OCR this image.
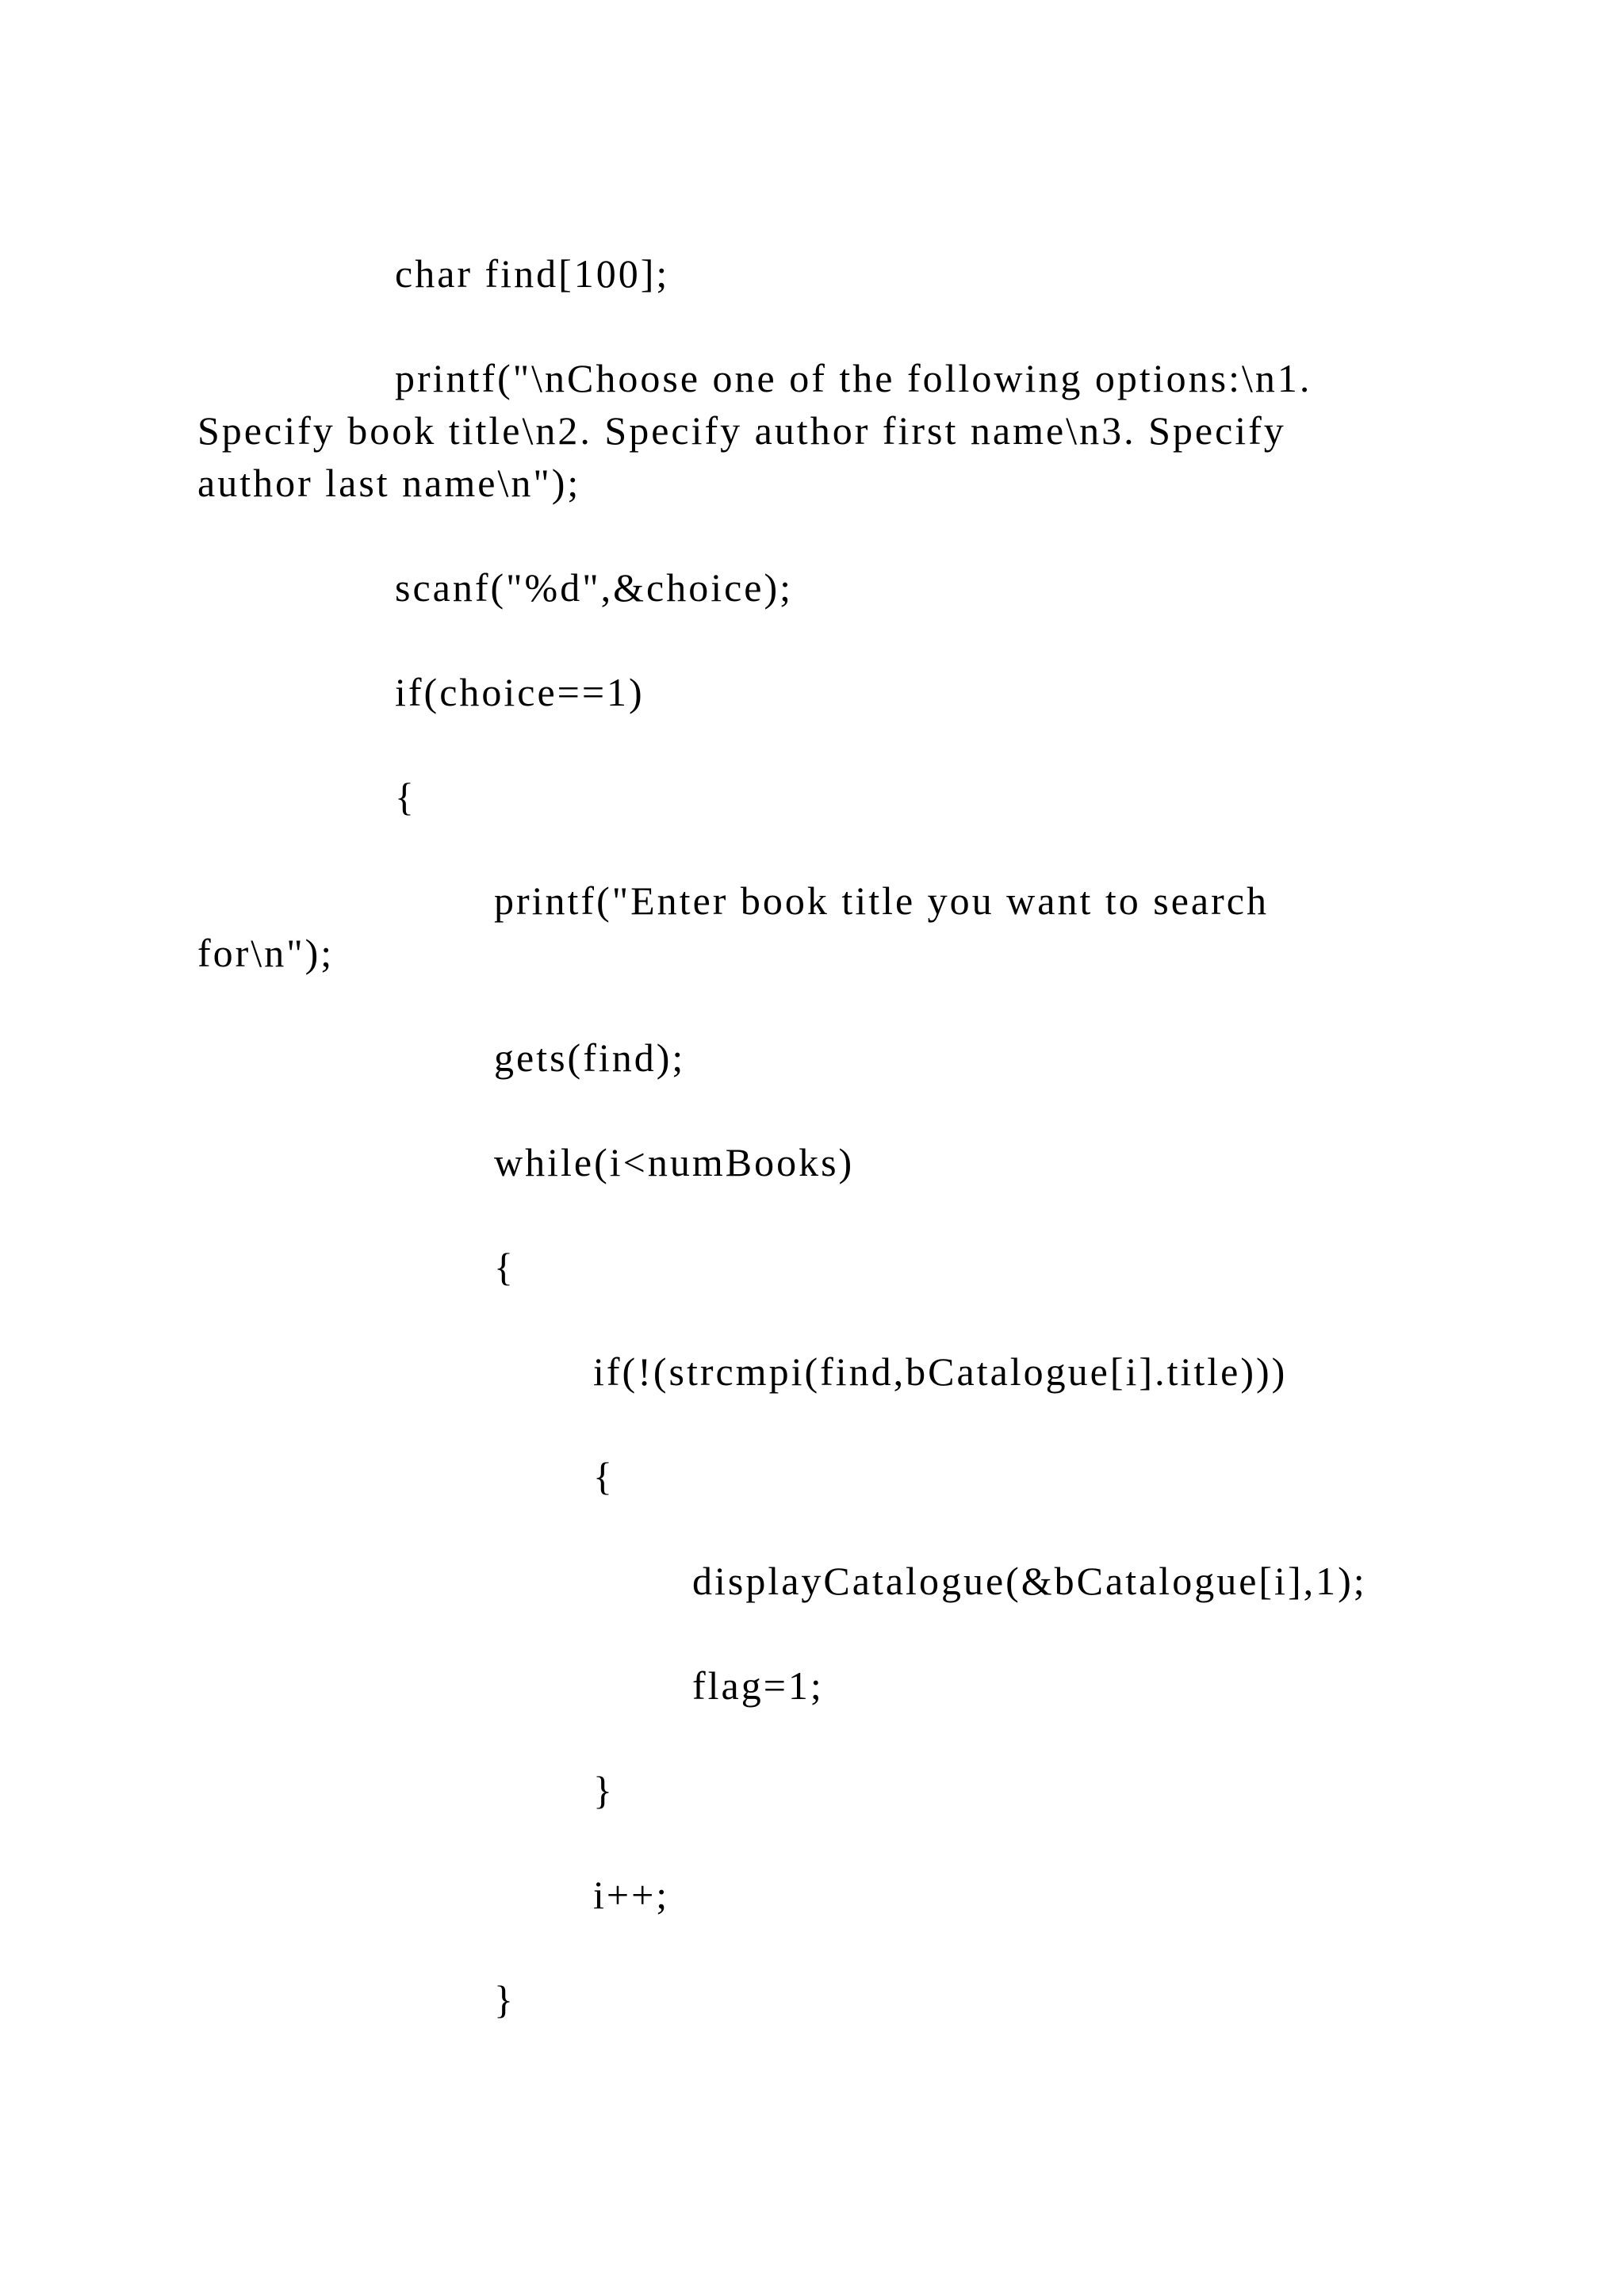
char find[100];

printf("\nChoose one of the following options:\n1.

Specify book title\n2. Specify author first name\n3. Specify

author last name\n");

scanf("%d",&choice);

if(choice==1)

{

printf("Enter book title you want to search

for\n");

gets(find);

while(i<numBooks)

{

if(!(strcmpi(find,bCatalogue[i].title)))

{

displayCatalogue(&bCatalogue[i],1);

flag=1;

}

i++;

}
